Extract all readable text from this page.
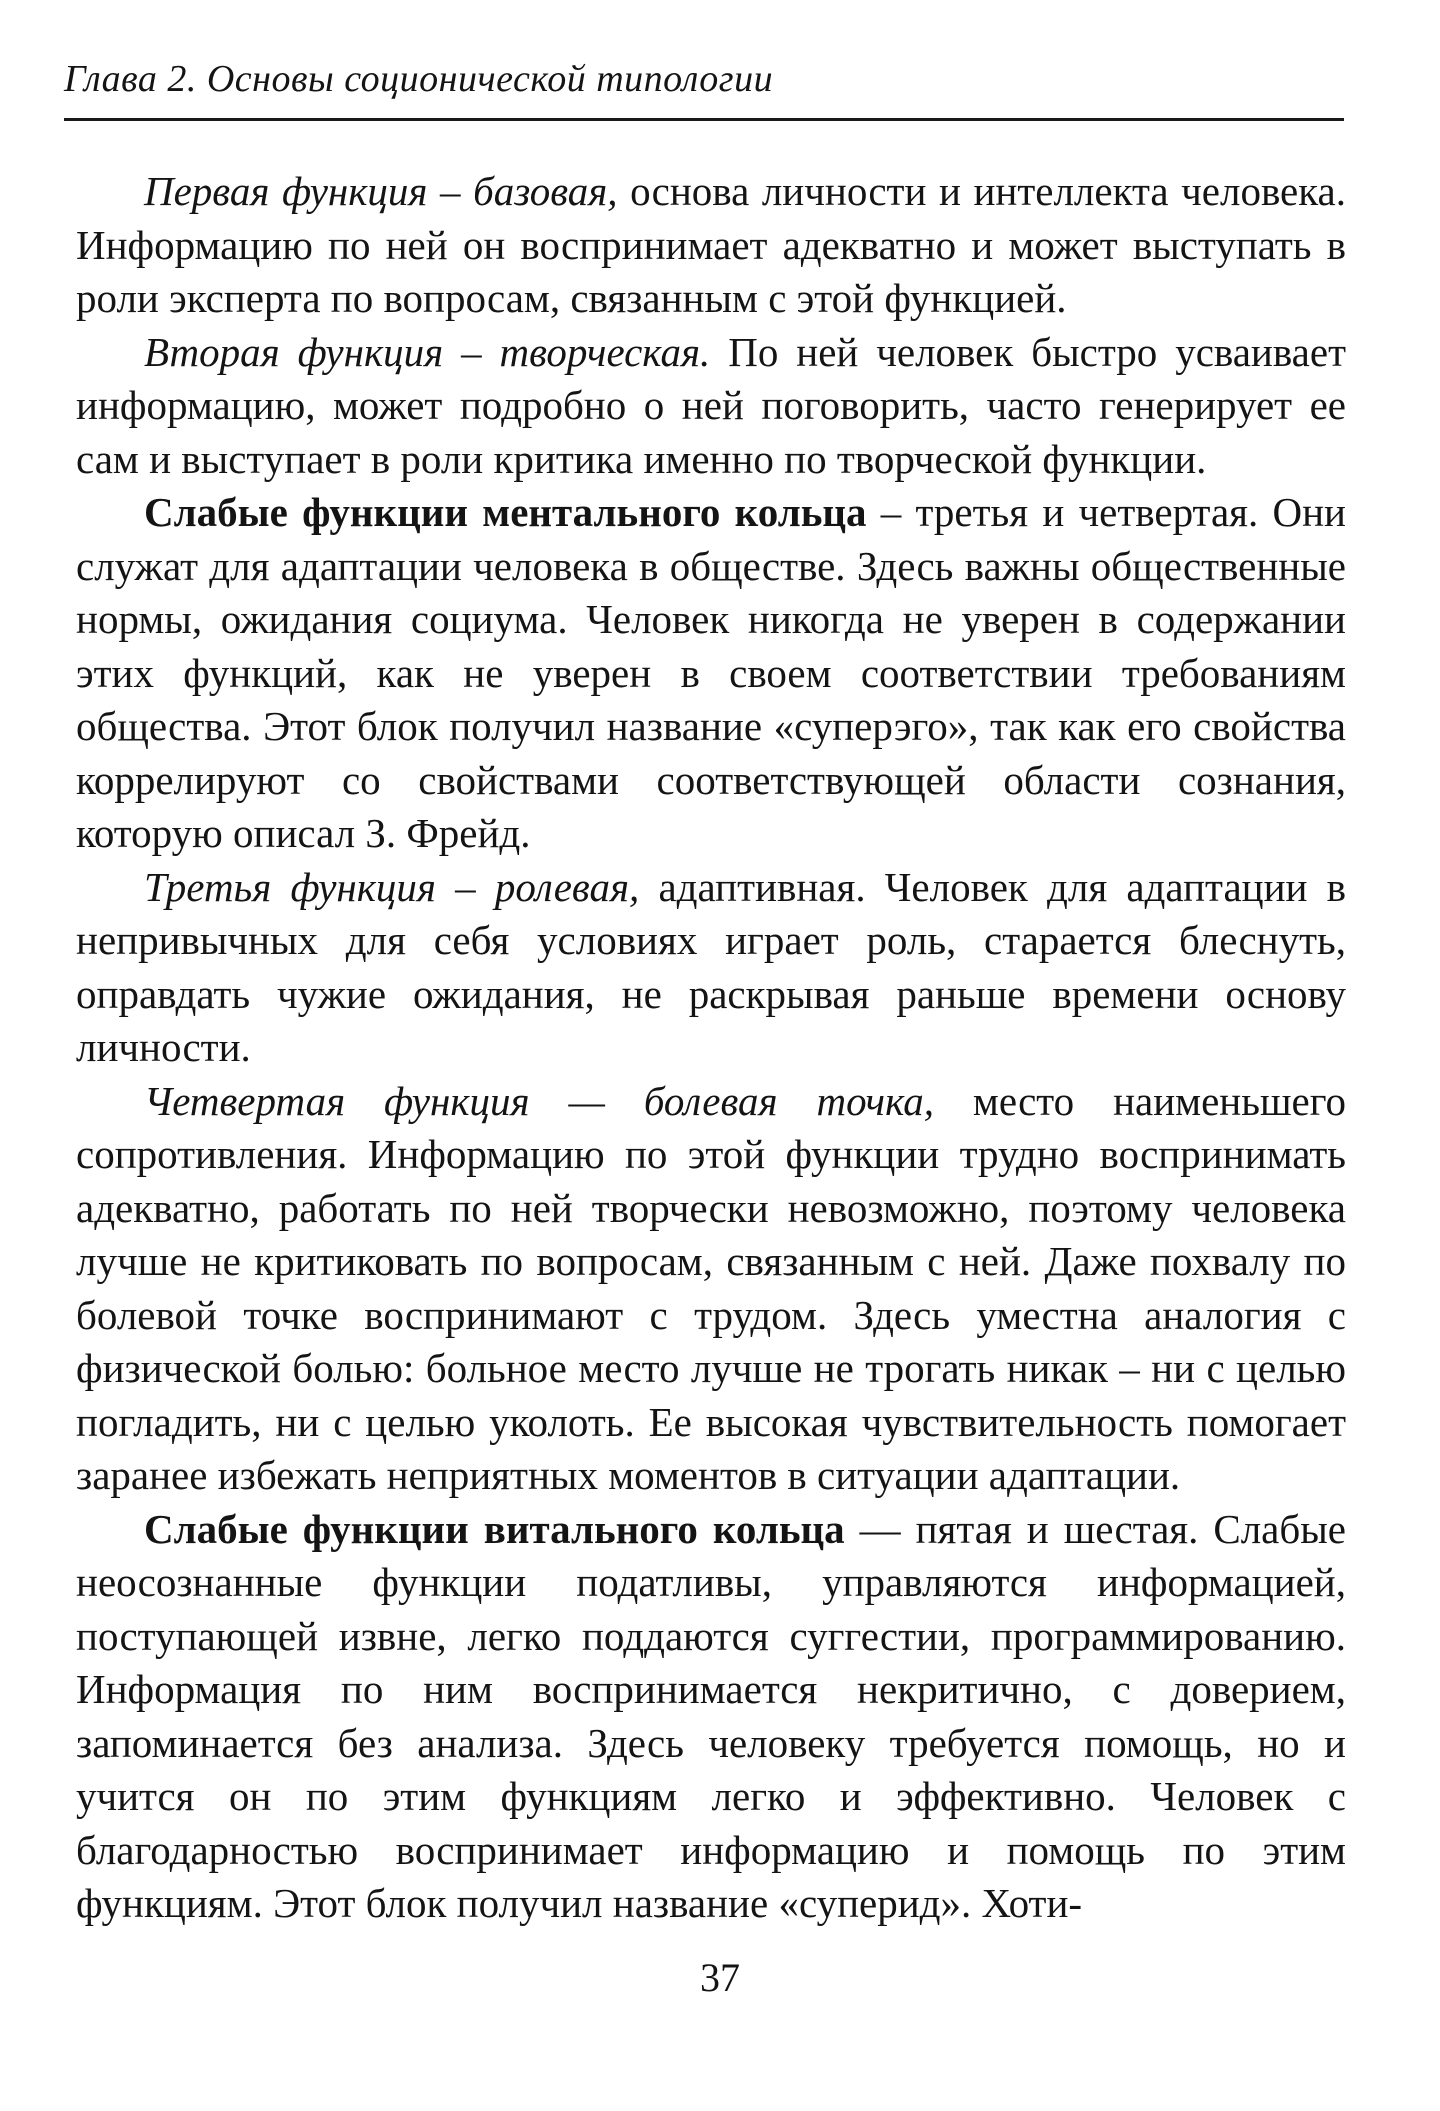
Глава 2. Основы соционической типологии

Первая функция – базовая, основа личности и интеллекта человека. Информацию по ней он воспринимает адекватно и может выступать в роли эксперта по вопросам, связанным с этой функцией.

Вторая функция – творческая. По ней человек быстро усваивает информацию, может подробно о ней поговорить, часто генерирует ее сам и выступает в роли критика именно по творческой функции.

Слабые функции ментального кольца – третья и четвертая. Они служат для адаптации человека в обществе. Здесь важны общественные нормы, ожидания социума. Человек никогда не уверен в содержании этих функций, как не уверен в своем соответствии требованиям общества. Этот блок получил название «суперэго», так как его свойства коррелируют со свойствами соответствующей области сознания, которую описал З. Фрейд.

Третья функция – ролевая, адаптивная. Человек для адаптации в непривычных для себя условиях играет роль, старается блеснуть, оправдать чужие ожидания, не раскрывая раньше времени основу личности.

Четвертая функция — болевая точка, место наименьшего сопротивления. Информацию по этой функции трудно воспринимать адекватно, работать по ней творчески невозможно, поэтому человека лучше не критиковать по вопросам, связанным с ней. Даже похвалу по болевой точке воспринимают с трудом. Здесь уместна аналогия с физической болью: больное место лучше не трогать никак – ни с целью погладить, ни с целью уколоть. Ее высокая чувствительность помогает заранее избежать неприятных моментов в ситуации адаптации.

Слабые функции витального кольца — пятая и шестая. Слабые неосознанные функции податливы, управляются информацией, поступающей извне, легко поддаются суггестии, программированию. Информация по ним воспринимается некритично, с доверием, запоминается без анализа. Здесь человеку требуется помощь, но и учится он по этим функциям легко и эффективно. Человек с благодарностью воспринимает информацию и помощь по этим функциям. Этот блок получил название «суперид». Хоти-

37
